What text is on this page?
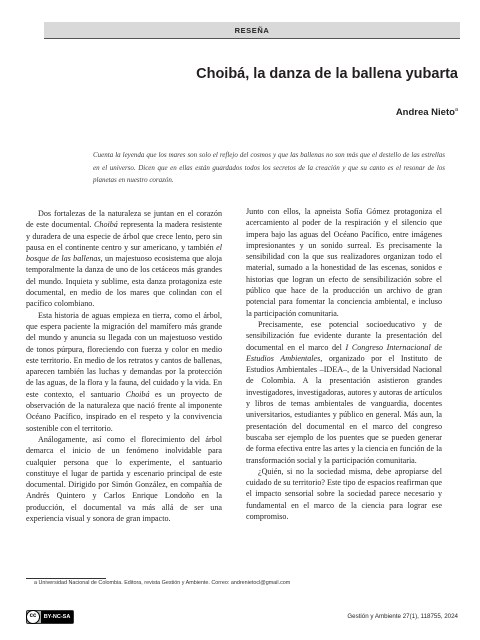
RESEÑA
Choibá, la danza de la ballena yubarta
Andrea Nieto$^a$
Cuenta la leyenda que los mares son solo el reflejo del cosmos y que las ballenas no son más que el destello de las estrellas en el universo. Dicen que en ellas están guardados todos los secretos de la creación y que su canto es el resonar de los planetas en nuestro corazón.

Dos fortalezas de la naturaleza se juntan en el corazón de este documental. Choibá representa la madera resistente y duradera de una especie de árbol que crece lento, pero sin pausa en el continente centro y sur americano, y también el bosque de las ballenas, un majestuoso ecosistema que aloja temporalmente la danza de uno de los cetáceos más grandes del mundo. Inquieta y sublime, esta danza protagoniza este documental, en medio de los mares que colindan con el pacífico colombiano.

Esta historia de aguas empieza en tierra, como el árbol, que espera paciente la migración del mamífero más grande del mundo y anuncia su llegada con un majestuoso vestido de tonos púrpura, floreciendo con fuerza y color en medio este territorio. En medio de los retratos y cantos de ballenas, aparecen también las luchas y demandas por la protección de las aguas, de la flora y la fauna, del cuidado y la vida. En este contexto, el santuario Choibá es un proyecto de observación de la naturaleza que nació frente al imponente Océano Pacífico, inspirado en el respeto y la convivencia sostenible con el territorio.

Análogamente, así como el florecimiento del árbol demarca el inicio de un fenómeno inolvidable para cualquier persona que lo experimente, el santuario constituye el lugar de partida y escenario principal de este documental. Dirigido por Simón González, en compañía de Andrés Quintero y Carlos Enrique Londoño en la producción, el documental va más allá de ser una experiencia visual y sonora de gran impacto.

Junto con ellos, la apneista Sofía Gómez protagoniza el acercamiento al poder de la respiración y el silencio que impera bajo las aguas del Océano Pacífico, entre imágenes impresionantes y un sonido surreal. Es precisamente la sensibilidad con la que sus realizadores organizan todo el material, sumado a la honestidad de las escenas, sonidos e historias que logran un efecto de sensibilización sobre el público que hace de la producción un archivo de gran potencial para fomentar la conciencia ambiental, e incluso la participación comunitaria.

Precisamente, ese potencial socioeducativo y de sensibilización fue evidente durante la presentación del documental en el marco del I Congreso Internacional de Estudios Ambientales, organizado por el Instituto de Estudios Ambientales –IDEA–, de la Universidad Nacional de Colombia. A la presentación asistieron grandes investigadores, investigadoras, autores y autoras de artículos y libros de temas ambientales de vanguardia, docentes universitarios, estudiantes y público en general. Más aun, la presentación del documental en el marco del congreso buscaba ser ejemplo de los puentes que se pueden generar de forma efectiva entre las artes y la ciencia en función de la transformación social y la participación comunitaria.

¿Quién, si no la sociedad misma, debe apropiarse del cuidado de su territorio? Este tipo de espacios reafirman que el impacto sensorial sobre la sociedad parece necesario y fundamental en el marco de la ciencia para lograr ese compromiso.

a Universidad Nacional de Colombia. Editora, revista Gestión y Ambiente. Correo: andrenietocl@gmail.com
cc	BY-NC-SA	Gestión y Ambiente 27(1), 118755, 2024
